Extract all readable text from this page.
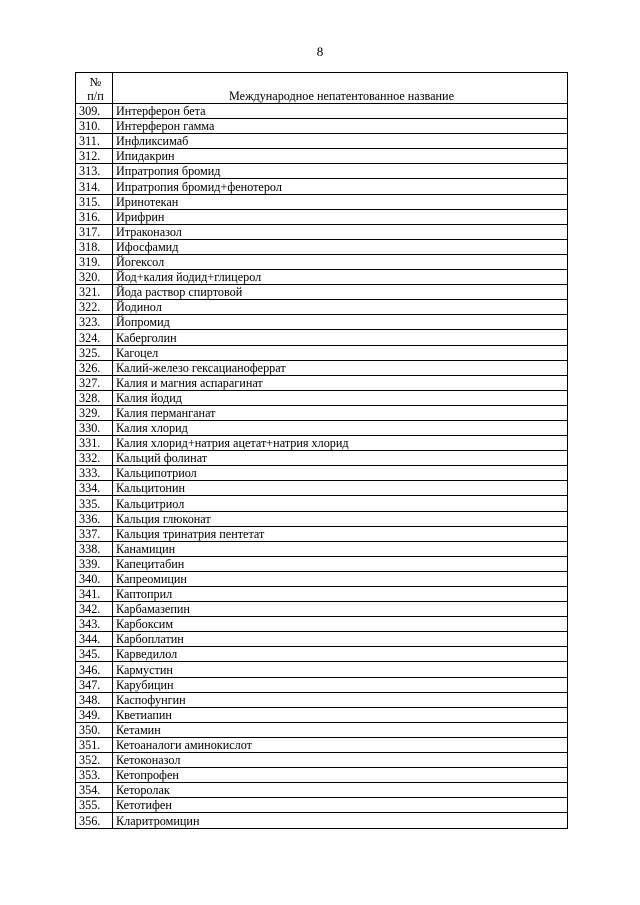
8
№
п/п	Международное непатентованное название
309.	Интерферон бета
310.	Интерферон гамма
311.	Инфликсимаб
312.	Ипидакрин
313.	Ипратропия бромид
314.	Ипратропия бромид+фенотерол
315.	Иринотекан
316.	Ирифрин
317.	Итраконазол
318.	Ифосфамид
319.	Йогексол
320.	Йод+калия йодид+глицерол
321.	Йода раствор спиртовой
322.	Йодинол
323.	Йопромид
324.	Каберголин
325.	Кагоцел
326.	Калий-железо гексацианоферрат
327.	Калия и магния аспарагинат
328.	Калия йодид
329.	Калия перманганат
330.	Калия хлорид
331.	Калия хлорид+натрия ацетат+натрия хлорид
332.	Кальций фолинат
333.	Кальципотриол
334.	Кальцитонин
335.	Кальцитриол
336.	Кальция глюконат
337.	Кальция тринатрия пентетат
338.	Канамицин
339.	Капецитабин
340.	Капреомицин
341.	Каптоприл
342.	Карбамазепин
343.	Карбоксим
344.	Карбоплатин
345.	Карведилол
346.	Кармустин
347.	Карубицин
348.	Каспофунгин
349.	Кветиапин
350.	Кетамин
351.	Кетоаналоги аминокислот
352.	Кетоконазол
353.	Кетопрофен
354.	Кеторолак
355.	Кетотифен
356.	Кларитромицин
